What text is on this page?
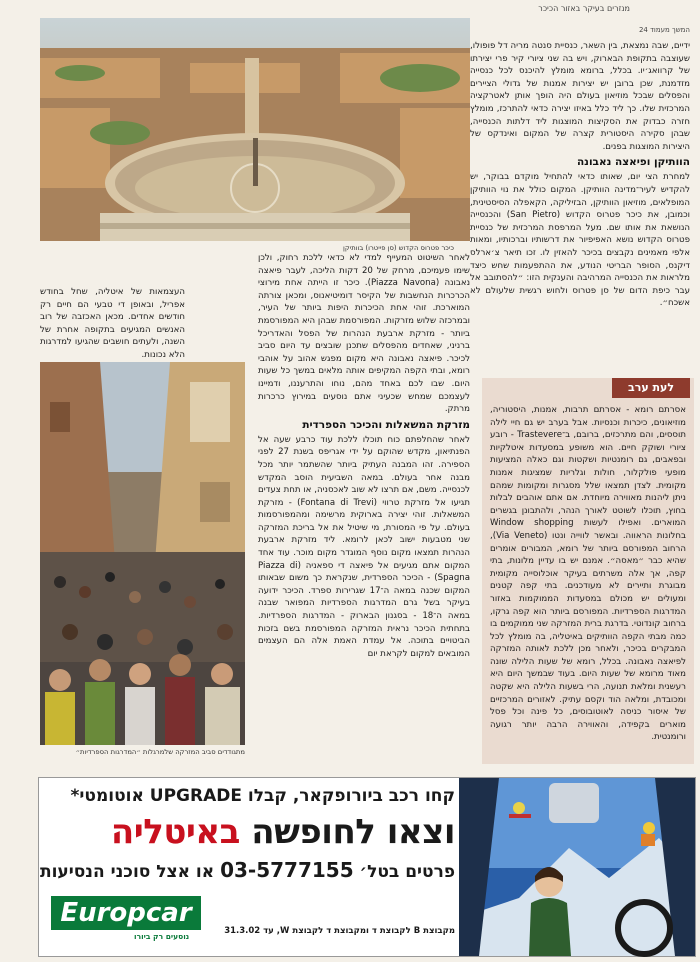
מנזרים בעיקר באזור הכיכר
המשך מעמוד 24

ידיים, שבה נמצאת, בין השאר, כנסיית סנטה מריה דל פופולו, שעוצבה בתקופת הבארוק, ויש בה שני ציורי קיר פרי יצירתו של קרוואג׳יו. בכלל, ברומא מומלץ להיכנס לכל כנסייה מזדמנת, שכן ברובן יש יצירות אמנות של גדולי הציירים והפסלים שבכל מוזיאון בעולם היה הופך אותן לאטרקציה המרכזית שלו. כך ליד כלל באיזו יצירה כדאי להתרכז, מומלץ חזרה כבדוק את הסקיצות המוצגות ליד דלתות הכנסייה, שבהן סקירה היסטורית קצרה של המקום ואינדקס של היצירות המוצגות בפנים.

הוותיקן ופיאצה נאבונה

למחרת הצי יום, שאותו כדאי להתחיל מוקדם בבוקר, יש להקדיש לעיר־מדינה הוותיקן. המקום כולל את נוי הוותיקן המופלאים, מוזיאון הוותיקן, הבזיליקה, הקאפלה הסיסטינית, וכמובן, את כיכר פטרוס הקדוש (San Pietro) והכנסייה הנושאת את אותו שם. מעל המרפסת המרכזית של כנסיית פטרוס הקדוש נושא האפיפיור את דרשותיו וברכותיו, ומאות אלפי מאמינים נקבצים בכיכר להאזין לו. זכו תיאר צ׳ארלס דיקנס, הסופר הבריטי הנודע, את ההתפעמות שחש כיצד מלראות את הכנסייה המרהיבה והענקית הזו: ״להסתובב אל עבר כיפת הדום של סן פטרוס ולחוש רגשית שלעולם לא אשכח״.

כיכר פטרוס הקדוש (סן פייטרו) בוותיקן
העצמאות של איטליה, שחל בחודש אפריל, ובאופן די טבעי הם חיים רק חודשים אחדים. מכאן האכזבה של רוב האנשים המגיעים בתקופה אחרת של השנה, ולעתים חושבים שהגיעו למדרגות הלא נכונות.
מתגודדים סביב המזרקה שלמרגלות ״המדרגות הספרדיות״

לאחר השיטוט המעייף למדי לא כדאי ללכת רחוק, ולכן שימו פעמיכם, מרחק של 20 דקות הליכה, לעבר פיאצה נאבונה (Piazza Navona). כיכר זו הייתה אחת מירוצי הכרכרות הנחשבות של הקיסר דומיטיאנוס, ומכאן צורתה המוארכת. זוהי אחת הכיכרות היפות ביותר של העיר, ובמרכזה שלוש מזרקות. המפורסמת שבהן היא המפורסמת ביותר - מזרקת ארבעת הנהרות של הפסל והאדריכל ברניני, שאחדים מהפסלים שתכנן שובצים עד היום סביב לכיכר. פיאצה נאבונה היא מקום מפגש אהוב על אוהבי רומא, ובתי הקפה המקיפים אותה מלאים במשך כל שעות היום. שבו לכם באחד מהם, נוחו והתרעננו, ודמיינו לעצמכם שמחש שכעיני אתם נוסעים במירוץ כרכרות מרתק.

מזרקת המשאלות והכיכר הספרדית

לאחר שהחלפתם כוח תוכלו ללכת עוד כרבע שעה אל הפנתיאון, מקדש שהוקם על ידי אגריפס בשנת 27 לפני הספירה. זהו המבנה העתיק ביותר שהשתמר יותר מכל מבנה אחר בעולם. במאה השביעית הוסב המקדש לכנסייה. משם, אם תרצו לא שוב לאכסניה, או תחת צעדים תגיעו אל מזרקת טרווי (Fontana di Trevi) - מזרקת המשאלות. זוהי יצירה בארוקית מרשימה ומהמפורסמות בעולם. על פי המסורת, מי שיטיל את אל בריכת המזרקה שני מטבעות ישוב לכאן לרומא. ליד מזרקת ארבעת הנהרות תמצאו מקום נוסף המוגדר מקום מוכר. עוד אחד המקום אתם מגיעים אל פיאצה די ספאניה (Piazza di Spagna) - הכיכר הספרדית, שנקראת כך משום שבאותו המקום שכנה במאה ה־17 שגרירות ספרד. הכיכר ידועה בעיקר בשל גרם המדרגות הספרדיות המפואר שבנה במאה ה־18 - בסגנון הבארוק - המדרגות הספרדיות. בתחתית הכיכר נראית המזרקה המפורסמת בשם בזכות הביטויים בתוכה. אל עמדת האמת אלה הם העצמים המובאים למקום לקראת יום

לעת ערב
אסרתם רומא - אסרתם תרבות, אמנות, היסטוריה, מוזיאונים, כיכרות וכנסיות. אבל בערב יש גם חיי לילה תוססים, והם מתרכזים, ברובם, ב־Trastevere - רובע ציורי ושוקק חיים. הוא משופע במסעדות איטלקיות ובפאבים, גם רומנטיות ושקטות וגם כאלה המציעות מופעי פולקלור, חולות וגלריות שמציגות אמנות מקומית. לצדן תמצאו שלל מסגרות ומקומות שמהם ניתן ליהנות מאווירה מיוחדת. אם אתם אוהבים לבלות בחוץ, תוכלו לשוטט לאורך הנהר, ולהתבונן בגשרים המוארים. ואפילו לעשות Window shopping בחלונות הראווה. ובאשר לווייה ונטו (Via Veneto), הרחוב המפורסם ביותר של רומא, המבורים אומרים שהיא כבר ״מאסה״. אמנם יש בו עדיין מלונות, בתי קפה, אך אלה משרתים בעיקר אוכלוסייה מקומית מבוגרת ותיירים לא מעודכנים. בתי קפה קטנים ומעולים יש מכולם במסעדות הממוקמות באזור המדרגות הספרדיות. המפורסם ביותר הוא קפה גרקו, ברחוב קונדוטי. בדרגת ברית המזרקה שני ממוקמים בו כמה מבתי הקפה הוותיקים באיטליה, בה מומלץ לכל המבקרים בכיכר, ולאחר מכן ללכת לאותה המזרקה לפיאצה נאבונה. בכלל, רומא של שעות הלילה שונה מאוד מרומא של שעות היום. בעוד שבמשך היום היא רעשנית ומלאת תנועה, הרי בשעות הלילה היא שקטה ומכובדת, ומלאה הוד וקסם עתיק. לאזורים המרכזיים של איסור כניסה לאוטובוסים, כל פינה וכל פסל מוארים בקפידה, והאווירה הרבה יותר רגועה ורומנטית.
קחו רכב ביורופקאר, קבלו UPGRADE אוטומטי*
וצאו לחופשה באיטליה
פרטים בטל׳ 03-5777155 או אצל סוכני הנסיעות
Europcar
נוסעים רק ביורו
מקבוצת B לקבוצת ד ומקבוצת ד לקבוצת W, עד 31.3.02
